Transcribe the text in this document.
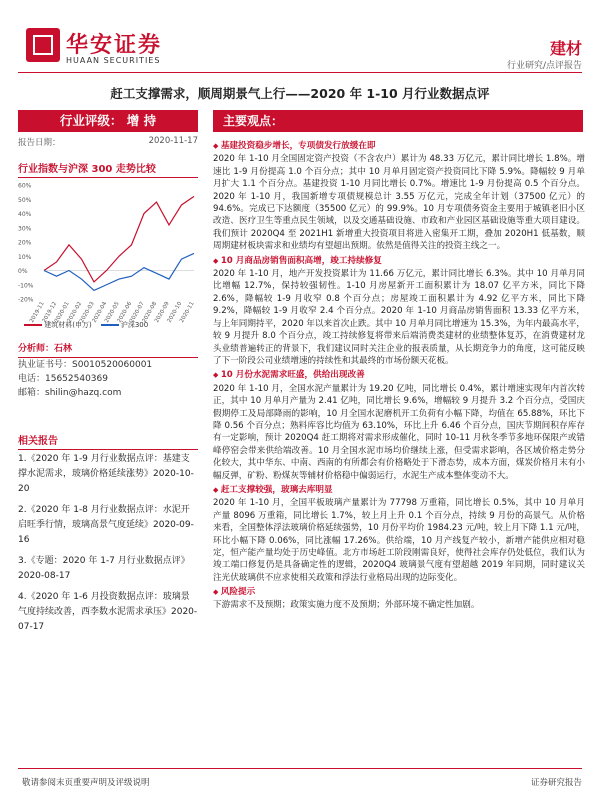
华安证券
HUAAN SECURITIES
建材
行业研究/点评报告
赶工支撑需求，顺周期景气上行——2020 年 1-10 月行业数据点评
行业评级： 增 持
报告日期：	2020-11-17
行业指数与沪深 300 走势比较
60%
50%
40%
30%
20%
10%
0%
-10%
-20%
2019-11
2019-12
2020-01
2020-02
2020-03
2020-04
2020-05
2020-06
2020-07
2020-08
2020-09
2020-10
2020-11
建筑材料(申万)	沪深300
分析师：石林
执业证书号：S0010520060001
电话：15652540369
邮箱：shilin@hazq.com
相关报告

1.《2020 年 1-9 月行业数据点评：基建支撑水泥需求，玻璃价格延续涨势》2020-10-20

2.《2020 年 1-8 月行业数据点评：水泥开启旺季行情，玻璃高景气度延续》2020-09-16

3.《专题：2020 年 1-7 月行业数据点评》2020-08-17

4.《2020 年 1-6 月投资数据点评：玻璃景气度持续改善，西李数水泥需求承压》2020-07-17

主要观点：
◆ 基建投资稳步增长，专项债发行放缓在即

2020 年 1-10 月全国固定资产投资（不含农户）累计为 48.33 万亿元，累计同比增长 1.8%。增速比 1-9 月份提高 1.0 个百分点；其中 10 月单月固定资产投资同比下降 5.9%。降幅较 9 月单月扩大 1.1 个百分点。基建投资 1-10 月同比增长 0.7%。增速比 1-9 月份提高 0.5 个百分点。2020 年 1-10 月，我国新增专项债规模总计 3.55 万亿元，完成全年计划（37500 亿元）的 94.6%。完成已下达额度（35500 亿元）的 99.9%。10 月专项债务资金主要用于城镇老旧小区改造、医疗卫生等重点民生领域，以及交通基础设施、市政和产业园区基础设施等重大项目建设。我们预计 2020Q4 至 2021H1 新增重大投资项目将进入密集开工期，叠加 2020H1 低基数，顺周期建材板块需求和业绩均有望超出预期。依然是值得关注的投资主线之一。

◆ 10 月商品房销售面积高增，竣工持续修复

2020 年 1-10 月，地产开发投资累计为 11.66 万亿元，累计同比增长 6.3%。其中 10 月单月同比增幅 12.7%，保持较强韧性。1-10 月房屋新开工面积累计为 18.07 亿平方米，同比下降 2.6%，降幅较 1-9 月收窄 0.8 个百分点；房屋竣工面积累计为 4.92 亿平方米，同比下降 9.2%，降幅较 1-9 月收窄 2.4 个百分点。2020 年 1-10 月商品房销售面积 13.33 亿平方米，与上年同期持平，2020 年以来首次止跌。其中 10 月单月同比增速为 15.3%，为年内最高水平，较 9 月提升 8.0 个百分点，竣工持续修复将带来后端消费类建材的业绩整体复苏，在消费建材龙头业绩普遍转正的背景下，我们建议同时关注企业的报表质量，从长期竞争力的角度，这可能反映了下一阶段公司业绩增速的持续性和其最终的市场份额天花板。

◆ 10 月份水泥需求旺盛，供给出现改善

2020 年 1-10 月，全国水泥产量累计为 19.20 亿吨，同比增长 0.4%，累计增速实现年内首次转正，其中 10 月单月产量为 2.41 亿吨，同比增长 9.6%，增幅较 9 月提升 3.2 个百分点，受国庆假期停工及局部降雨的影响，10 月全国水泥磨机开工负荷有小幅下降，均值在 65.88%，环比下降 0.56 个百分点；熟料库容比均值为 63.10%，环比上升 6.46 个百分点，国庆节期间积存库存有一定影响，预计 2020Q4 赶工期将对需求形成催化，同时 10-11 月秋冬季节多地环保限产或错峰停窑会带来供给端改善。10 月全国水泥市场均价继续上涨，但受需求影响，各区域价格走势分化较大，其中华东、中南、西南的有所都会有价格略处于下滑态势，成本方面，煤炭价格月末有小幅反弹，矿粉、粉煤灰等辅材价格稳中偏弱运行，水泥生产成本整体变动不大。

◆ 赶工支撑较强，玻璃去库明显

2020 年 1-10 月，全国平板玻璃产量累计为 77798 万重箱，同比增长 0.5%，其中 10 月单月产量 8096 万重箱，同比增长 1.7%，较上月上升 0.1 个百分点，持续 9 月份的高景气。从价格来看，全国整体浮法玻璃价格延续强势，10 月份平均价 1984.23 元/吨，较上月下降 1.1 元/吨，环比小幅下降 0.06%，同比涨幅 17.26%。供给端，10 月产线复产较小，新增产能供应相对稳定，恒产能产量均处于历史峰值。北方市场赶工阶段刚需良好，使得社会库存仍处低位，我们认为竣工端口修复仍是具备确定性的逻辑，2020Q4 玻璃景气度有望超越 2019 年同期，同时建议关注光伏玻璃供不应求使相关政策和浮法行业格局出现的边际变化。

◆ 风险提示

下游需求不及预期；政策实施力度不及预期；外部环境不确定性加剧。

敬请参阅末页重要声明及评级说明	证券研究报告
